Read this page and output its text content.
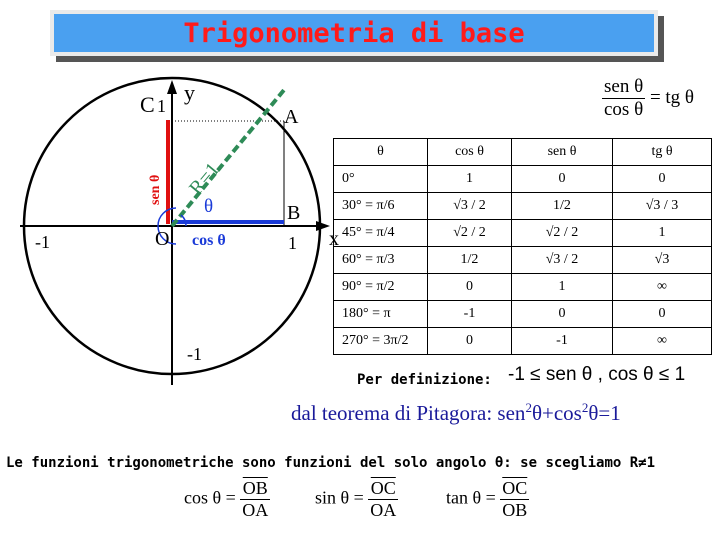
Trigonometria di base
C 1
y
A
B
1 x
O
-1
-1
R=1
θ
cos θ
sen θ
$\frac{\text{sen θ}}{\text{cos θ}}$ = tg θ
θ	cos θ	sen θ	tg θ
0°	1	0	0
30° = π/6	√3 / 2	1/2	√3 / 3
45° = π/4	√2 / 2	√2 / 2	1
60° = π/3	1/2	√3 / 2	√3
90° = π/2	0	1	∞
180° = π	-1	0	0
270° = 3π/2	0	-1	∞
Per definizione: -1 ≤ sen θ , cos θ ≤ 1
dal teorema di Pitagora: $sen^2\theta+\cos^2\theta=1$
Le funzioni trigonometriche sono funzioni del solo angolo θ: se scegliamo R≠1
$\cos \theta = \frac{\overline{OB}}{OA}$ $\sin \theta = \frac{\overline{OC}}{OA}$	$\tan \theta = \frac{\overline{OC}}{OB}$
